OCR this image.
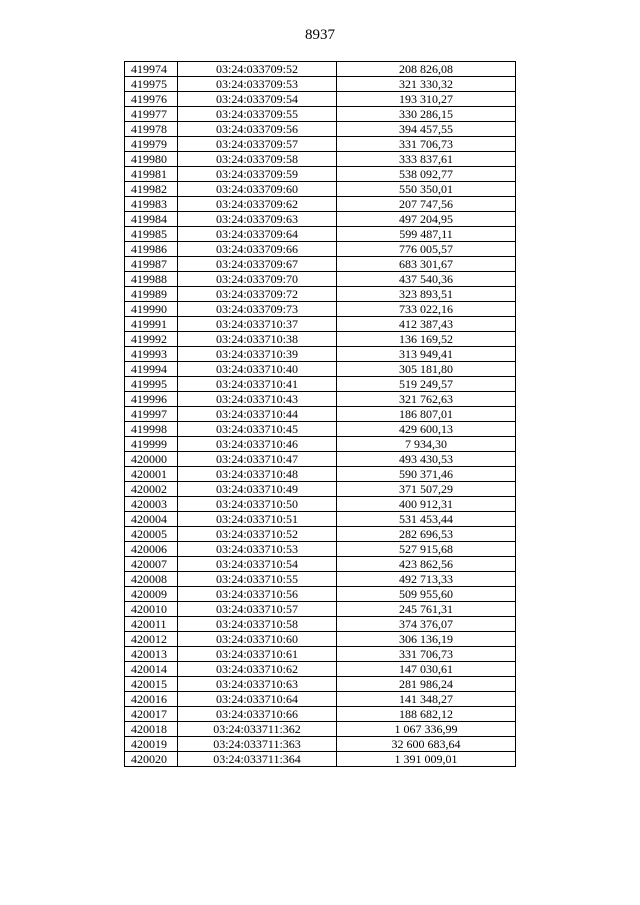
8937
419974	03:24:033709:52	208 826,08
419975	03:24:033709:53	321 330,32
419976	03:24:033709:54	193 310,27
419977	03:24:033709:55	330 286,15
419978	03:24:033709:56	394 457,55
419979	03:24:033709:57	331 706,73
419980	03:24:033709:58	333 837,61
419981	03:24:033709:59	538 092,77
419982	03:24:033709:60	550 350,01
419983	03:24:033709:62	207 747,56
419984	03:24:033709:63	497 204,95
419985	03:24:033709:64	599 487,11
419986	03:24:033709:66	776 005,57
419987	03:24:033709:67	683 301,67
419988	03:24:033709:70	437 540,36
419989	03:24:033709:72	323 893,51
419990	03:24:033709:73	733 022,16
419991	03:24:033710:37	412 387,43
419992	03:24:033710:38	136 169,52
419993	03:24:033710:39	313 949,41
419994	03:24:033710:40	305 181,80
419995	03:24:033710:41	519 249,57
419996	03:24:033710:43	321 762,63
419997	03:24:033710:44	186 807,01
419998	03:24:033710:45	429 600,13
419999	03:24:033710:46	7 934,30
420000	03:24:033710:47	493 430,53
420001	03:24:033710:48	590 371,46
420002	03:24:033710:49	371 507,29
420003	03:24:033710:50	400 912,31
420004	03:24:033710:51	531 453,44
420005	03:24:033710:52	282 696,53
420006	03:24:033710:53	527 915,68
420007	03:24:033710:54	423 862,56
420008	03:24:033710:55	492 713,33
420009	03:24:033710:56	509 955,60
420010	03:24:033710:57	245 761,31
420011	03:24:033710:58	374 376,07
420012	03:24:033710:60	306 136,19
420013	03:24:033710:61	331 706,73
420014	03:24:033710:62	147 030,61
420015	03:24:033710:63	281 986,24
420016	03:24:033710:64	141 348,27
420017	03:24:033710:66	188 682,12
420018	03:24:033711:362	1 067 336,99
420019	03:24:033711:363	32 600 683,64
420020	03:24:033711:364	1 391 009,01
